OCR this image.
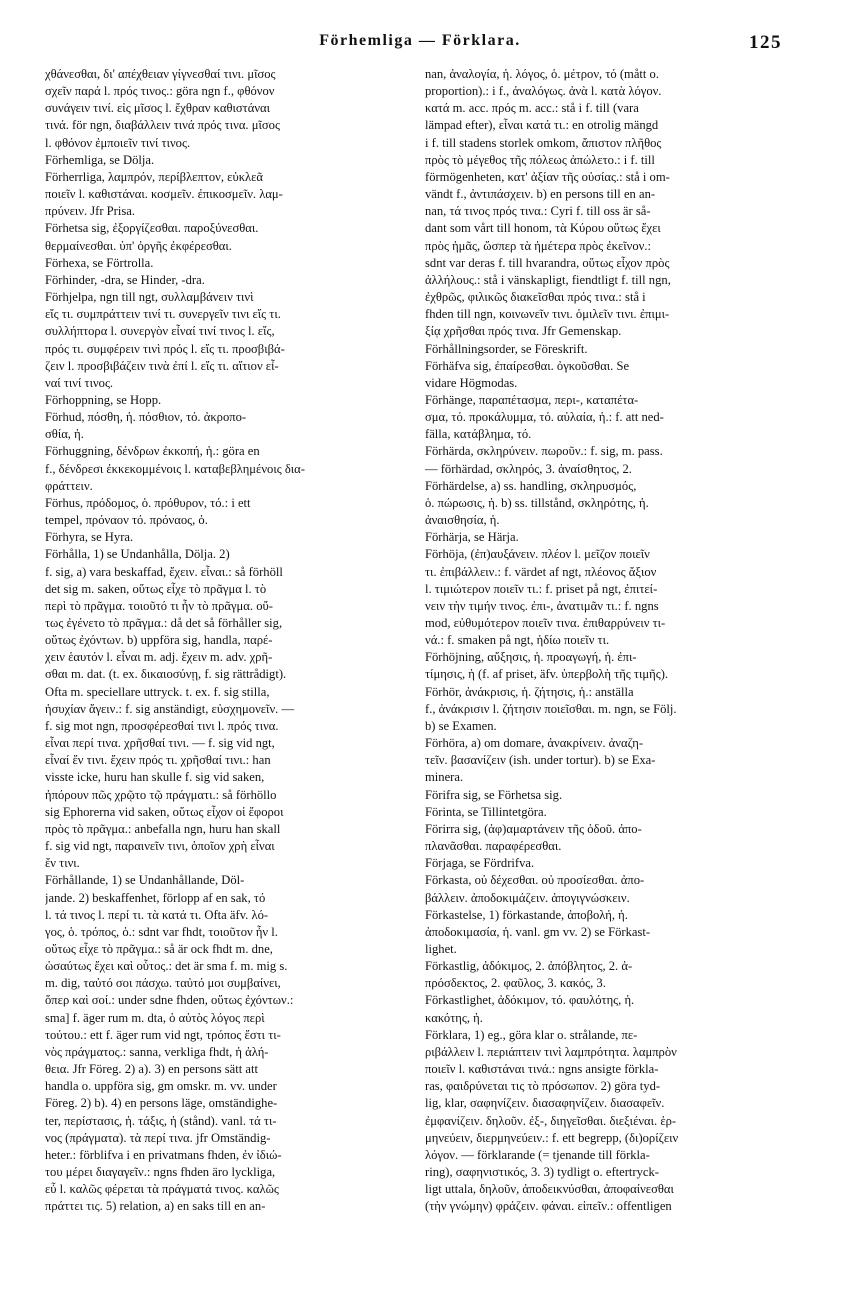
Förhemliga — Förklara.	125
χθάνεσθαι, δι' απέχθειαν γίγνεσθαί τινι. μῖσος
σχεῖν παρά l. πρός τινος.: göra ngn f., φθόνον
συνάγειν τινί. εἰς μῖσος l. ἔχθραν καθιστάναι
τινά. för ngn, διαβάλλειν τινά πρός τινα. μῖσος
l. φθόνον ἐμποιεῖν τινί τινος.
Förhemliga, se Dölja.
Förherrliga, λαμπρόν, περίβλεπτον, εὐκλεᾶ
ποιεῖν l. καθιστάναι. κοσμεῖν. ἐπικοσμεῖν. λαμ-
πρύνειν. Jfr Prisa.
Förhetsa sig, ἐξοργίζεσθαι. παροξύνεσθαι.
θερμαίνεσθαι. ὑπ' ὀργῆς ἐκφέρεσθαι.
Förhexa, se Förtrolla.
Förhinder, -dra, se Hinder, -dra.
Förhjelpa, ngn till ngt, συλλαμβάνειν τινὶ
εἴς τι. συμπράττειν τινί τι. συνεργεῖν τινι εἴς τι.
συλλήπτορα l. συνεργὸν εἶναί τινί τινος l. εἴς,
πρός τι. συμφέρειν τινὶ πρός l. εἴς τι. προσβιβά-
ζειν l. προσβιβάζειν τινὰ ἐπί l. εἴς τι. αἴτιον εἶ-
ναί τινί τινος.
Förhoppning, se Hopp.
Förhud, πόσθη, ἡ. πόσθιον, τό. ἀκροπο-
σθία, ἡ.
Förhuggning, δένδρων ἐκκοπή, ἡ.: göra en
f., δένδρεσι ἐκκεκομμένοις l. καταβεβλημένοις δια-
φράττειν.
Förhus, πρόδομος, ὁ. πρόθυρον, τό.: i ett
tempel, πρόναον τό. πρόναος, ὁ.
Förhyra, se Hyra.
Förhålla, 1) se Undanhålla, Dölja. 2)
f. sig, a) vara beskaffad, ἔχειν. εἶναι.: så förhöll
det sig m. saken, οὕτως εἶχε τὸ πρᾶγμα l. τὸ
περὶ τὸ πρᾶγμα. τοιοῦτό τι ἦν τὸ πρᾶγμα. οὔ-
τως ἐγένετο τὸ πρᾶγμα.: då det så förhåller sig,
οὕτως ἐχόντων. b) uppföra sig, handla, παρέ-
χειν ἑαυτόν l. εἶναι m. adj. ἔχειν m. adv. χρῆ-
σθαι m. dat. (t. ex. δικαιοσύνῃ, f. sig rättrådigt).
Ofta m. speciellare uttryck. t. ex. f. sig stilla,
ἡσυχίαν ἄγειν.: f. sig anständigt, εὐσχημονεῖν. —
f. sig mot ngn, προσφέρεσθαί τινι l. πρός τινα.
εἶναι περί τινα. χρῆσθαί τινι. — f. sig vid ngt,
εἶναί ἔν τινι. ἔχειν πρός τι. χρῆσθαί τινι.: han
visste icke, huru han skulle f. sig vid saken,
ἠπόρουν πῶς χρῷτο τῷ πράγματι.: så förhöllo
sig Ephorerna vid saken, οὕτως εἶχον οἱ ἔφοροι
πρὸς τὸ πρᾶγμα.: anbefalla ngn, huru han skall
f. sig vid ngt, παραινεῖν τινι, ὁποῖον χρὴ εἶναι
ἔν τινι.
Förhållande, 1) se Undanhållande, Döl-
jande. 2) beskaffenhet, förlopp af en sak, τό
l. τά τινος l. περί τι. τὰ κατά τι. Ofta äfv. λό-
γος, ὁ. τρόπος, ὁ.: sdnt var fhdt, τοιοῦτον ἦν l.
οὕτως εἶχε τὸ πρᾶγμα.: så är ock fhdt m. dne,
ὡσαύτως ἔχει καὶ οὗτος.: det är sma f. m. mig s.
m. dig, ταὐτό σοι πάσχω. ταὐτό μοι συμβαίνει,
ὅπερ καὶ σοί.: under sdne fhden, οὕτως ἐχόντων.:
sma] f. äger rum m. dta, ὁ αὐτὸς λόγος περὶ
τούτου.: ett f. äger rum vid ngt, τρόπος ἔστι τι-
νὸς πράγματος.: sanna, verkliga fhdt, ἡ ἀλή-
θεια. Jfr Föreg. 2) a). 3) en persons sätt att
handla o. uppföra sig, gm omskr. m. vv. under
Föreg. 2) b). 4) en persons läge, omständighe-
ter, περίστασις, ἡ. τάξις, ἡ (stånd). vanl. τά τι-
νος (πράγματα). τὰ περί τινα. jfr Omständig-
heter.: förblifva i en privatmans fhden, ἐν ἰδιώ-
του μέρει διαγαγεῖν.: ngns fhden äro lyckliga,
εὖ l. καλῶς φέρεται τὰ πράγματά τινος. καλῶς
πράττει τις. 5) relation, a) en saks till en an-
nan, ἀναλογία, ἡ. λόγος, ὁ. μέτρον, τό (mått o.
proportion).: i f., ἀναλόγως. ἀνὰ l. κατὰ λόγον.
κατά m. acc. πρός m. acc.: stå i f. till (vara
lämpad efter), εἶναι κατά τι.: en otrolig mängd
i f. till stadens storlek omkom, ἄπιστον πλῆθος
πρὸς τὸ μέγεθος τῆς πόλεως ἀπώλετο.: i f. till
förmögenheten, κατ' ἀξίαν τῆς οὐσίας.: stå i om-
vändt f., ἀντιπάσχειν. b) en persons till en an-
nan, τά τινος πρός τινα.: Cyri f. till oss är så-
dant som vårt till honom, τὰ Κύρου οὕτως ἔχει
πρὸς ἡμᾶς, ὥσπερ τὰ ἡμέτερα πρὸς ἐκεῖνον.:
sdnt var deras f. till hvarandra, οὕτως εἶχον πρὸς
ἀλλήλους.: stå i vänskapligt, fiendtligt f. till ngn,
ἐχθρῶς, φιλικῶς διακεῖσθαι πρός τινα.: stå i
fhden till ngn, κοινωνεῖν τινι. ὁμιλεῖν τινι. ἐπιμι-
ξίᾳ χρῆσθαι πρός τινα. Jfr Gemenskap.
Förhållningsorder, se Föreskrift.
Förhäfva sig, ἐπαίρεσθαι. ὀγκοῦσθαι. Se
vidare Högmodas.
Förhänge, παραπέτασμα, περι-, καταπέτα-
σμα, τό. προκάλυμμα, τό. αὐλαία, ἡ.: f. att ned-
fälla, κατάβλημα, τό.
Förhärda, σκληρύνειν. πωροῦν.: f. sig, m. pass.
— förhärdad, σκληρός, 3. ἀναίσθητος, 2.
Förhärdelse, a) ss. handling, σκληρυσμός,
ὁ. πώρωσις, ἡ. b) ss. tillstånd, σκληρότης, ἡ.
ἀναισθησία, ἡ.
Förhärja, se Härja.
Förhöja, (ἐπ)αυξάνειν. πλέον l. μεῖζον ποιεῖν
τι. ἐπιβάλλειν.: f. värdet af ngt, πλέονος ἄξιον
l. τιμιώτερον ποιεῖν τι.: f. priset på ngt, ἐπιτεί-
νειν τὴν τιμήν τινος. ἐπι-, ἀνατιμᾶν τι.: f. ngns
mod, εὐθυμότερον ποιεῖν τινα. ἐπιθαρρύνειν τι-
νά.: f. smaken på ngt, ἡδίω ποιεῖν τι.
Förhöjning, αὔξησις, ἡ. προαγωγή, ἡ. ἐπι-
τίμησις, ἡ (f. af priset, äfv. ὑπερβολὴ τῆς τιμῆς).
Förhör, ἀνάκρισις, ἡ. ζήτησις, ἡ.: anställa
f., ἀνάκρισιν l. ζήτησιν ποιεῖσθαι. m. ngn, se Följ.
b) se Examen.
Förhöra, a) om domare, ἀνακρίνειν. ἀναζη-
τεῖν. βασανίζειν (ish. under tortur). b) se Exa-
minera.
Förifra sig, se Förhetsa sig.
Förinta, se Tillintetgöra.
Förirra sig, (ἀφ)αμαρτάνειν τῆς ὁδοῦ. ἀπο-
πλανᾶσθαι. παραφέρεσθαι.
Förjaga, se Fördrifva.
Förkasta, οὐ δέχεσθαι. οὐ προσίεσθαι. ἀπο-
βάλλειν. ἀποδοκιμάζειν. ἀπογιγνώσκειν.
Förkastelse, 1) förkastande, ἀποβολή, ἡ.
ἀποδοκιμασία, ἡ. vanl. gm vv. 2) se Förkast-
lighet.
Förkastlig, ἀδόκιμος, 2. ἀπόβλητος, 2. ἀ-
πρόσδεκτος, 2. φαῦλος, 3. κακός, 3.
Förkastlighet, ἀδόκιμον, τό. φαυλότης, ἡ.
κακότης, ἡ.
Förklara, 1) eg., göra klar o. strålande, πε-
ριβάλλειν l. περιάπτειν τινὶ λαμπρότητα. λαμπρὸν
ποιεῖν l. καθιστάναι τινά.: ngns ansigte förkla-
ras, φαιδρύνεται τις τὸ πρόσωπον. 2) göra tyd-
lig, klar, σαφηνίζειν. διασαφηνίζειν. διασαφεῖν.
ἐμφανίζειν. δηλοῦν. ἐξ-, διηγεῖσθαι. διεξιέναι. ἑρ-
μηνεύειν, διερμηνεύειν.: f. ett begrepp, (δι)ορίζειν
λόγον. — förklarande (= tjenande till förkla-
ring), σαφηνιστικός, 3. 3) tydligt o. eftertryck-
ligt uttala, δηλοῦν, ἀποδεικνύσθαι, ἀποφαίνεσθαι
(τὴν γνώμην) φράζειν. φάναι. εἰπεῖν.: offentligen
